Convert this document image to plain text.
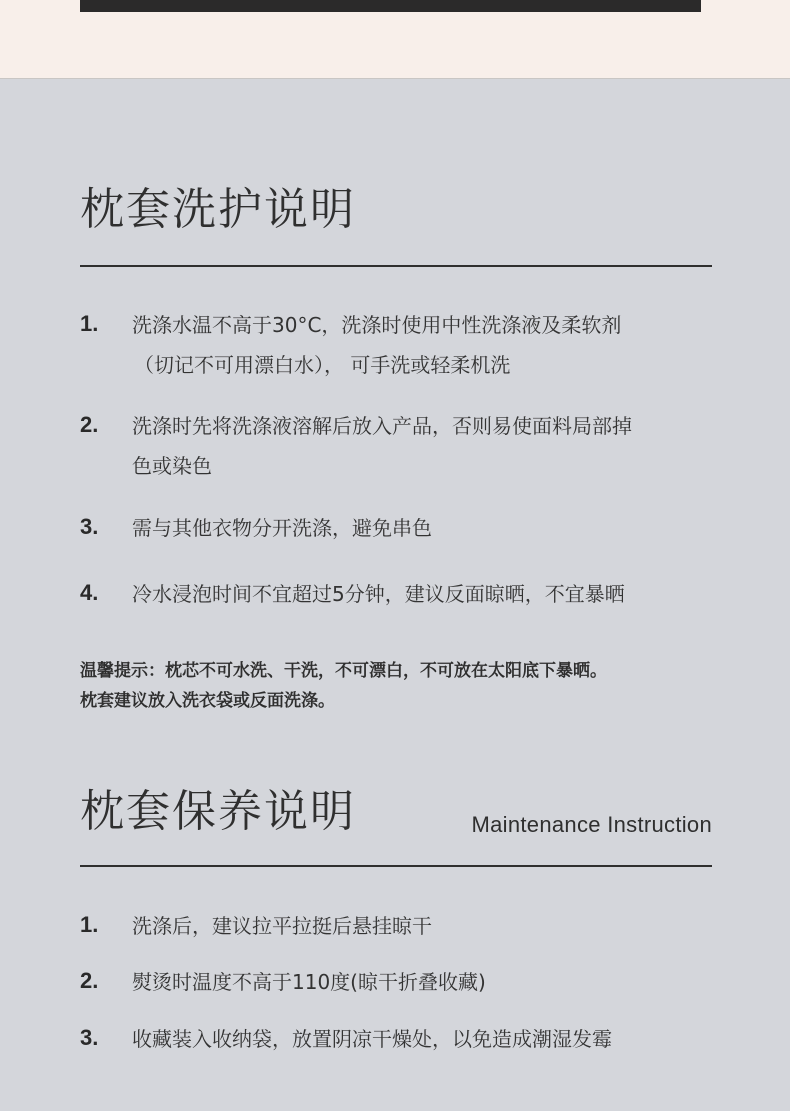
枕套洗护说明
1. 洗涤水温不高于30°C，洗涤时使用中性洗涤液及柔软剂
（切记不可用漂白水）， 可手洗或轻柔机洗
2. 洗涤时先将洗涤液溶解后放入产品，否则易使面料局部掉
色或染色
3. 需与其他衣物分开洗涤，避免串色
4. 冷水浸泡时间不宜超过5分钟，建议反面晾晒，不宜暴晒
温馨提示：枕芯不可水洗、干洗，不可漂白，不可放在太阳底下暴晒。
枕套建议放入洗衣袋或反面洗涤。
枕套保养说明	Maintenance Instruction
1. 洗涤后，建议拉平拉挺后悬挂晾干
2. 熨烫时温度不高于110度(晾干折叠收藏)
3. 收藏装入收纳袋，放置阴凉干燥处，以免造成潮湿发霉
